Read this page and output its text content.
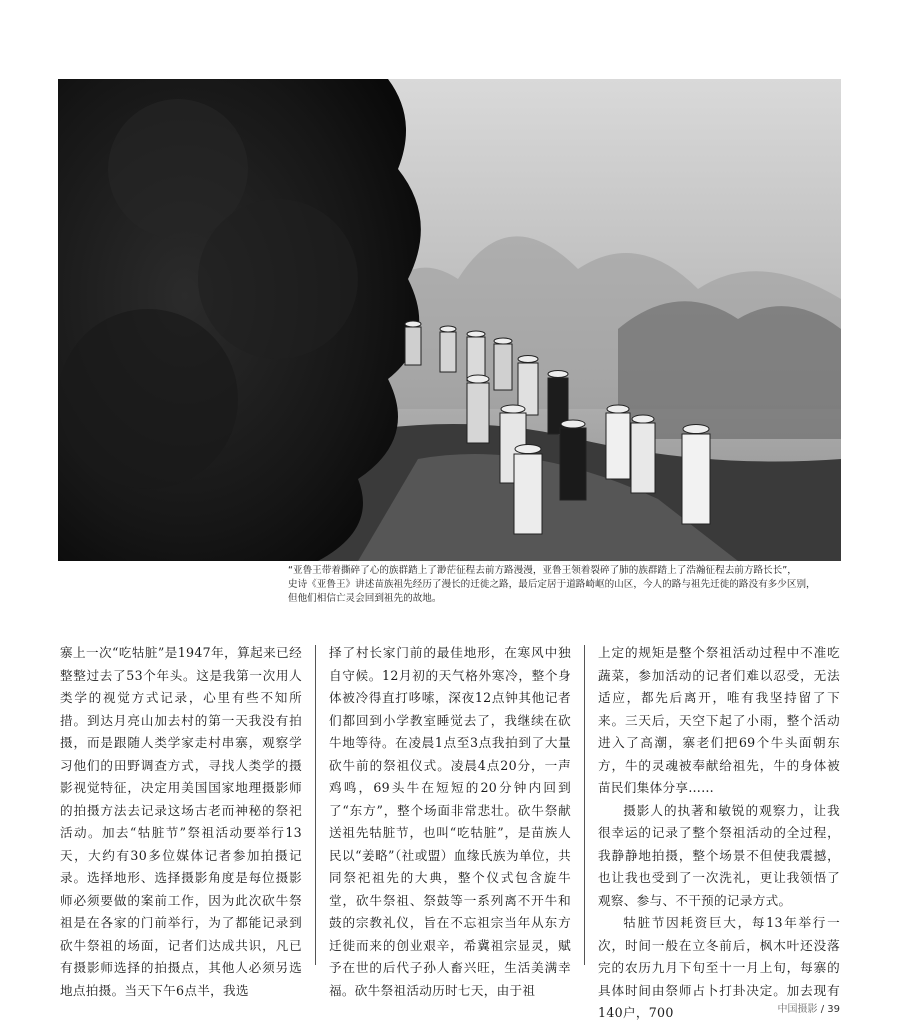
“亚鲁王带着撕碎了心的族群踏上了渺茫征程去前方路漫漫，亚鲁王领着裂碎了肺的族群踏上了浩瀚征程去前方路长长”，

史诗《亚鲁王》讲述苗族祖先经历了漫长的迁徙之路，最后定居于道路崎岖的山区，今人的路与祖先迁徙的路没有多少区别，

但他们相信亡灵会回到祖先的故地。

寨上一次“吃牯脏”是1947年，算起来已经整整过去了53个年头。这是我第一次用人类学的视觉方式记录，心里有些不知所措。到达月亮山加去村的第一天我没有拍摄，而是跟随人类学家走村串寨，观察学习他们的田野调查方式，寻找人类学的摄影视觉特征，决定用美国国家地理摄影师的拍摄方法去记录这场古老而神秘的祭祀活动。加去“牯脏节”祭祖活动要举行13天，大约有30多位媒体记者参加拍摄记录。选择地形、选择摄影角度是每位摄影师必须要做的案前工作，因为此次砍牛祭祖是在各家的门前举行，为了都能记录到砍牛祭祖的场面，记者们达成共识，凡已有摄影师选择的拍摄点，其他人必须另选地点拍摄。当天下午6点半，我选

择了村长家门前的最佳地形，在寒风中独自守候。12月初的天气格外寒冷，整个身体被冷得直打哆嗦，深夜12点钟其他记者们都回到小学教室睡觉去了，我继续在砍牛地等待。在凌晨1点至3点我拍到了大量砍牛前的祭祖仪式。凌晨4点20分，一声鸡鸣，69头牛在短短的20分钟内回到了“东方”，整个场面非常悲壮。砍牛祭献送祖先牯脏节，也叫“吃牯脏”，是苗族人民以“姜略”（社或盟）血缘氏族为单位，共同祭祀祖先的大典，整个仪式包含旋牛堂，砍牛祭祖、祭鼓等一系列离不开牛和鼓的宗教礼仪，旨在不忘祖宗当年从东方迁徙而来的创业艰辛，希冀祖宗显灵，赋予在世的后代子孙人畜兴旺，生活美满幸福。砍牛祭祖活动历时七天，由于祖

上定的规矩是整个祭祖活动过程中不准吃蔬菜，参加活动的记者们难以忍受，无法适应，都先后离开，唯有我坚持留了下来。三天后，天空下起了小雨，整个活动进入了高潮，寨老们把69个牛头面朝东方，牛的灵魂被奉献给祖先，牛的身体被苗民们集体分享……

摄影人的执著和敏锐的观察力，让我很幸运的记录了整个祭祖活动的全过程，我静静地拍摄，整个场景不但使我震撼，也让我也受到了一次洗礼，更让我领悟了观察、参与、不干预的记录方式。

牯脏节因耗资巨大，每13年举行一次，时间一般在立冬前后，枫木叶还没落完的农历九月下旬至十一月上旬，每寨的具体时间由祭师占卜打卦决定。加去现有140户，700	中国摄影 / 39
